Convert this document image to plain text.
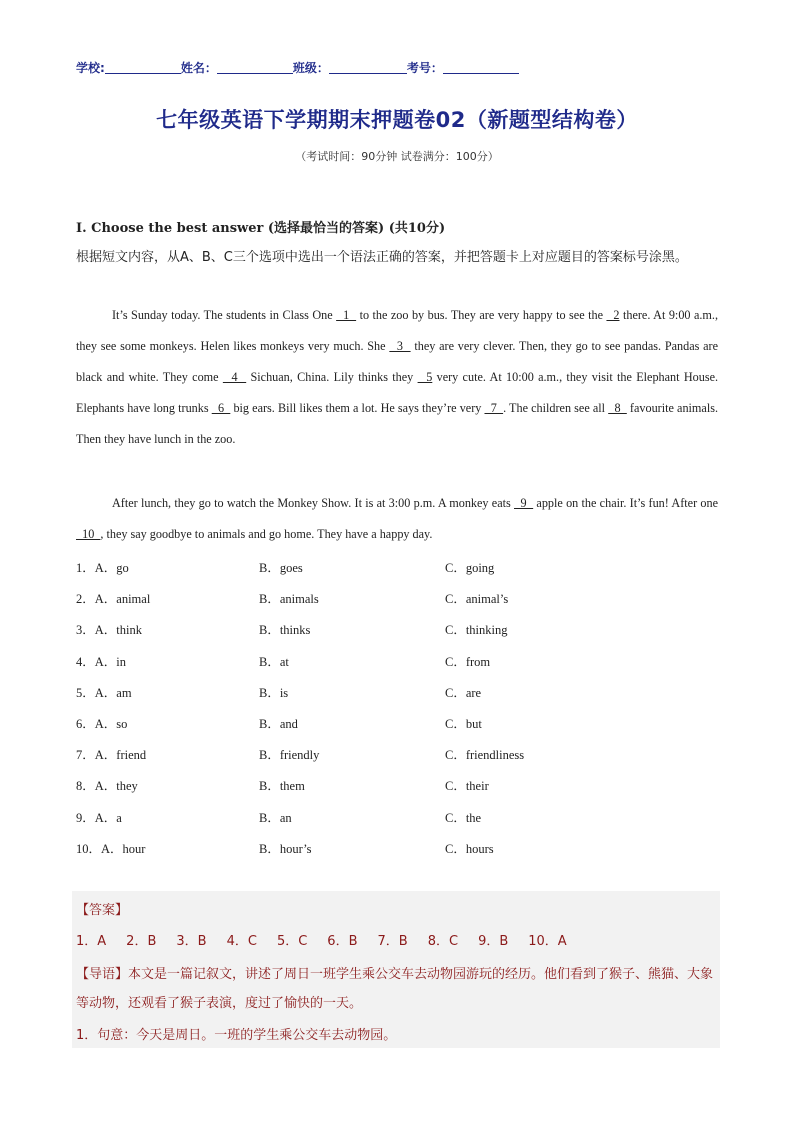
学校:	姓名：	班级：	考号：
七年级英语下学期期末押题卷02（新题型结构卷）
（考试时间：90分钟 试卷满分：100分）
I. Choose the best answer (选择最恰当的答案) (共10分)
根据短文内容，从A、B、C三个选项中选出一个语法正确的答案，并把答题卡上对应题目的答案标号涂黑。

It’s Sunday today. The students in Class One   1   to the zoo by bus. They are very happy to see the   2 there. At 9:00 a.m., they see some monkeys. Helen likes monkeys very much. She   3   they are very clever. Then, they go to see pandas. Pandas are black and white. They come   4   Sichuan, China. Lily thinks they   5 very cute. At 10:00 a.m., they visit the Elephant House. Elephants have long trunks   6   big ears. Bill likes them a lot. He says they’re very   7  . The children see all   8   favourite animals. Then they have lunch in the zoo.

After lunch, they go to watch the Monkey Show. It is at 3:00 p.m. A monkey eats   9   apple on the chair. It’s fun! After one   10  , they say goodbye to animals and go home. They have a happy day.

1．A．go	B．goes	C．going
2．A．animal	B．animals	C．animal’s
3．A．think	B．thinks	C．thinking
4．A．in	B．at	C．from
5．A．am	B．is	C．are
6．A．so	B．and	C．but
7．A．friend	B．friendly	C．friendliness
8．A．they	B．them	C．their
9．A．a	B．an	C．the
10．A．hour	B．hour’s	C．hours
【答案】
1．A 2．B 3．B 4．C 5．C 6．B 7．B 8．C 9．B 10．A
【导语】本文是一篇记叙文，讲述了周日一班学生乘公交车去动物园游玩的经历。他们看到了猴子、熊猫、大象等动物，还观看了猴子表演，度过了愉快的一天。
1．句意：今天是周日。一班的学生乘公交车去动物园。
